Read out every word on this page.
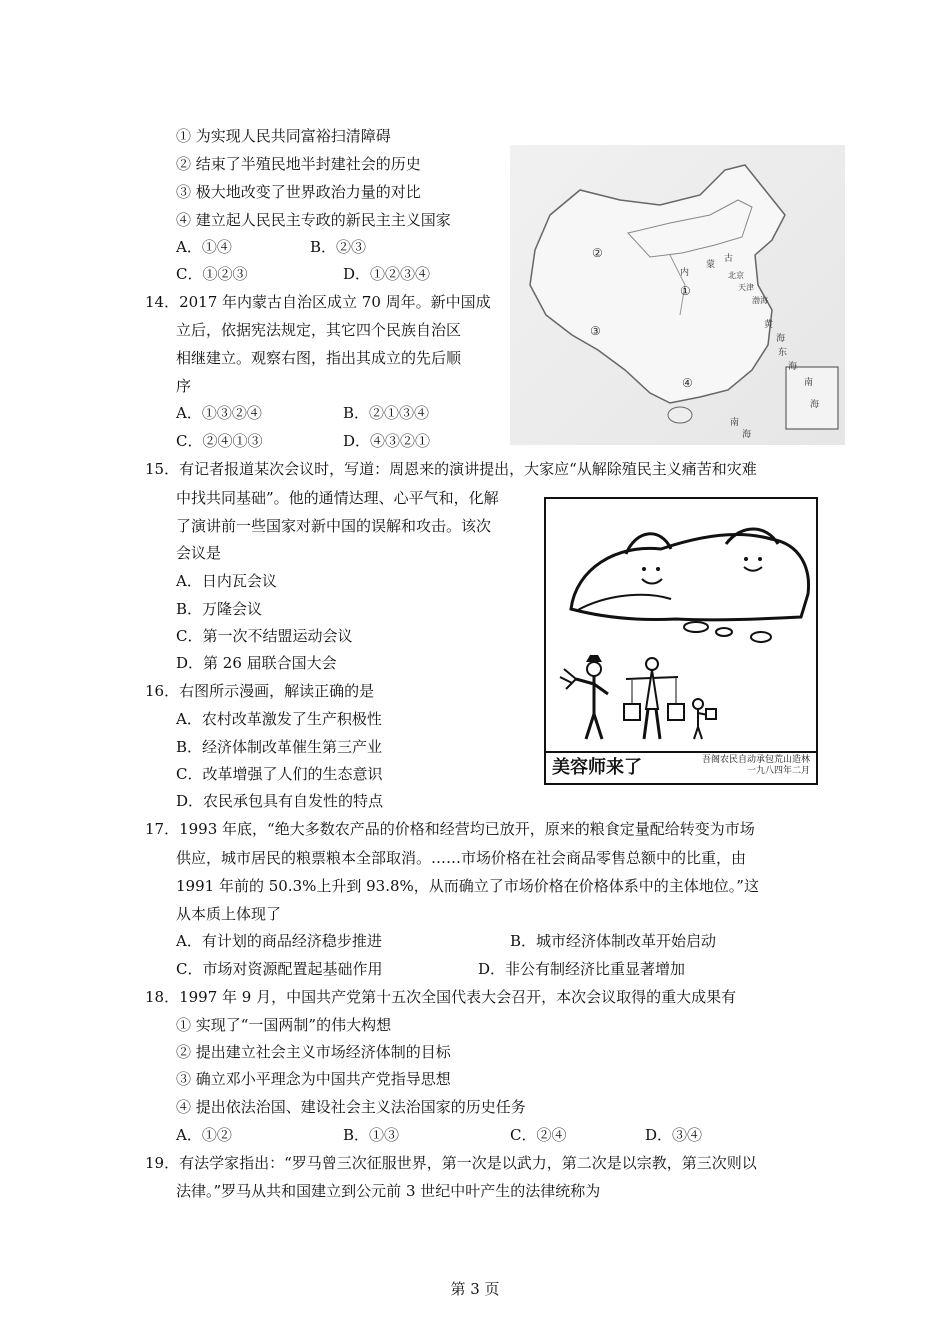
① 为实现人民共同富裕扫清障碍
② 结束了半殖民地半封建社会的历史
③ 极大地改变了世界政治力量的对比
④ 建立起人民民主专政的新民主主义国家
A．①④	B．②③
C．①②③	D．①②③④
①
②
③
④
内
蒙
古
北京
天津
渤海
黄
海
东
海
南
海
南
海
14．2017 年内蒙古自治区成立 70 周年。新中国成
立后，依据宪法规定，其它四个民族自治区
相继建立。观察右图，指出其成立的先后顺
序
A．①③②④	B．②①③④
C．②④①③	D．④③②①
15．有记者报道某次会议时，写道：周恩来的演讲提出，大家应“从解除殖民主义痛苦和灾难
中找共同基础”。他的通情达理、心平气和，化解
了演讲前一些国家对新中国的误解和攻击。该次
会议是
A．日内瓦会议
B．万隆会议
C．第一次不结盟运动会议
D．第 26 届联合国大会
美容师来了	吾阁农民自动承包荒山造林
一九八四年二月
16．右图所示漫画，解读正确的是
A．农村改革激发了生产积极性
B．经济体制改革催生第三产业
C．改革增强了人们的生态意识
D．农民承包具有自发性的特点
17．1993 年底，“绝大多数农产品的价格和经营均已放开，原来的粮食定量配给转变为市场
供应，城市居民的粮票粮本全部取消。……市场价格在社会商品零售总额中的比重，由
1991 年前的 50.3%上升到 93.8%，从而确立了市场价格在价格体系中的主体地位。”这
从本质上体现了
A．有计划的商品经济稳步推进	B．城市经济体制改革开始启动
C．市场对资源配置起基础作用	D．非公有制经济比重显著增加
18．1997 年 9 月，中国共产党第十五次全国代表大会召开，本次会议取得的重大成果有
① 实现了“一国两制”的伟大构想
② 提出建立社会主义市场经济体制的目标
③ 确立邓小平理念为中国共产党指导思想
④ 提出依法治国、建设社会主义法治国家的历史任务
A．①②	B．①③	C．②④	D．③④
19．有法学家指出：“罗马曾三次征服世界，第一次是以武力，第二次是以宗教，第三次则以
法律。”罗马从共和国建立到公元前 3 世纪中叶产生的法律统称为
第 3 页
